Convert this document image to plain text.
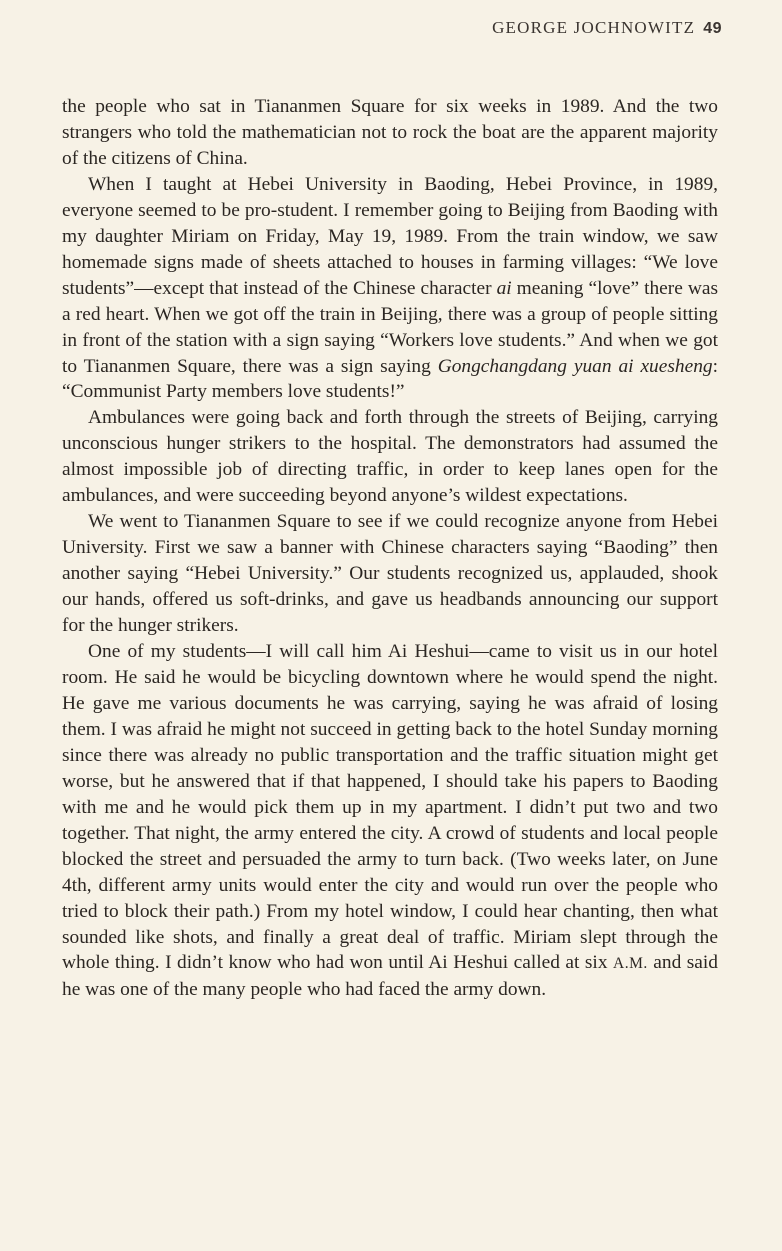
GEORGE JOCHNOWITZ 49

the people who sat in Tiananmen Square for six weeks in 1989. And the two strangers who told the mathematician not to rock the boat are the apparent majority of the citizens of China.

When I taught at Hebei University in Baoding, Hebei Province, in 1989, everyone seemed to be pro-student. I remember going to Beijing from Baoding with my daughter Miriam on Friday, May 19, 1989. From the train window, we saw homemade signs made of sheets attached to houses in farming villages: “We love students”—except that instead of the Chinese character ai meaning “love” there was a red heart. When we got off the train in Beijing, there was a group of people sitting in front of the station with a sign saying “Workers love students.” And when we got to Tiananmen Square, there was a sign saying Gongchangdang yuan ai xuesheng: “Communist Party members love students!”

Ambulances were going back and forth through the streets of Beijing, carrying unconscious hunger strikers to the hospital. The demonstrators had assumed the almost impossible job of directing traffic, in order to keep lanes open for the ambulances, and were succeeding beyond anyone’s wildest expectations.

We went to Tiananmen Square to see if we could recognize anyone from Hebei University. First we saw a banner with Chinese characters saying “Baoding” then another saying “Hebei University.” Our students recognized us, applauded, shook our hands, offered us soft-drinks, and gave us headbands announcing our support for the hunger strikers.

One of my students—I will call him Ai Heshui—came to visit us in our hotel room. He said he would be bicycling downtown where he would spend the night. He gave me various documents he was carrying, saying he was afraid of losing them. I was afraid he might not succeed in getting back to the hotel Sunday morning since there was already no public transportation and the traffic situation might get worse, but he answered that if that happened, I should take his papers to Baoding with me and he would pick them up in my apartment. I didn’t put two and two together. That night, the army entered the city. A crowd of students and local people blocked the street and persuaded the army to turn back. (Two weeks later, on June 4th, different army units would enter the city and would run over the people who tried to block their path.) From my hotel window, I could hear chanting, then what sounded like shots, and finally a great deal of traffic. Miriam slept through the whole thing. I didn’t know who had won until Ai Heshui called at six A.M. and said he was one of the many people who had faced the army down.
